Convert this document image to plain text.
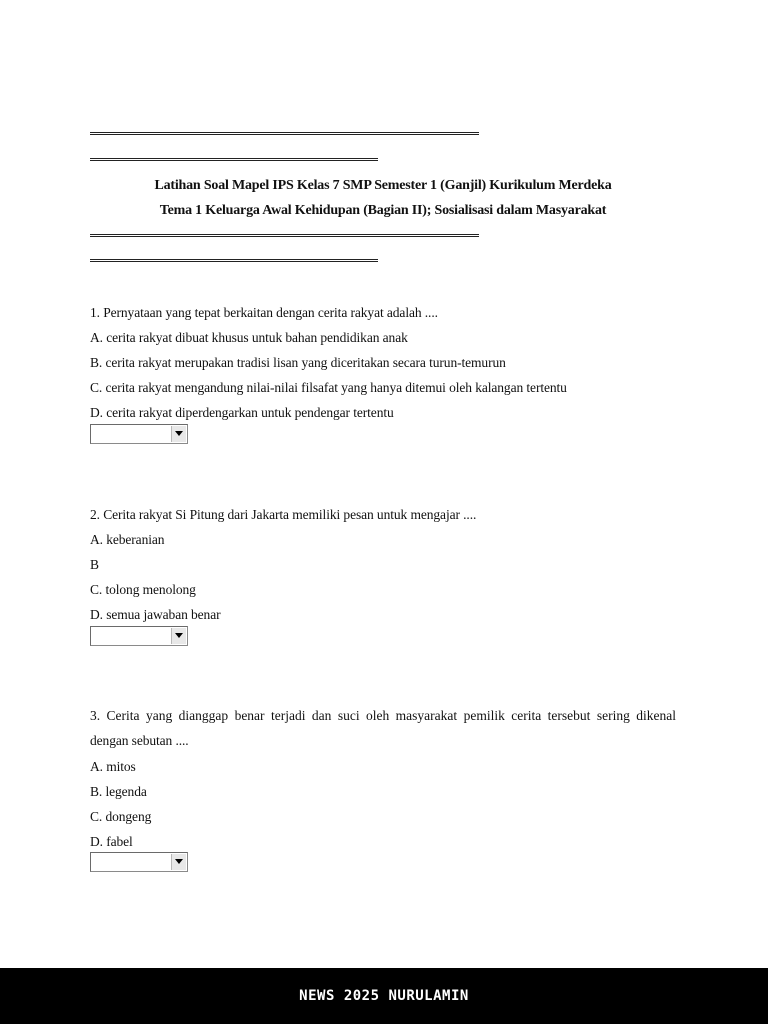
Latihan Soal Mapel IPS Kelas 7 SMP Semester 1 (Ganjil) Kurikulum Merdeka
Tema 1 Keluarga Awal Kehidupan (Bagian II); Sosialisasi dalam Masyarakat
1. Pernyataan yang tepat berkaitan dengan cerita rakyat adalah ....
A. cerita rakyat dibuat khusus untuk bahan pendidikan anak
B. cerita rakyat merupakan tradisi lisan yang diceritakan secara turun-temurun
C. cerita rakyat mengandung nilai-nilai filsafat yang hanya ditemui oleh kalangan tertentu
D. cerita rakyat diperdengarkan untuk pendengar tertentu
2. Cerita rakyat Si Pitung dari Jakarta memiliki pesan untuk mengajar ....
A. keberanian
B
C. tolong menolong
D. semua jawaban benar
3. Cerita yang dianggap benar terjadi dan suci oleh masyarakat pemilik cerita tersebut sering dikenal
dengan sebutan ....
A. mitos
B. legenda
C. dongeng
D. fabel
NEWS 2025 NURULAMIN
